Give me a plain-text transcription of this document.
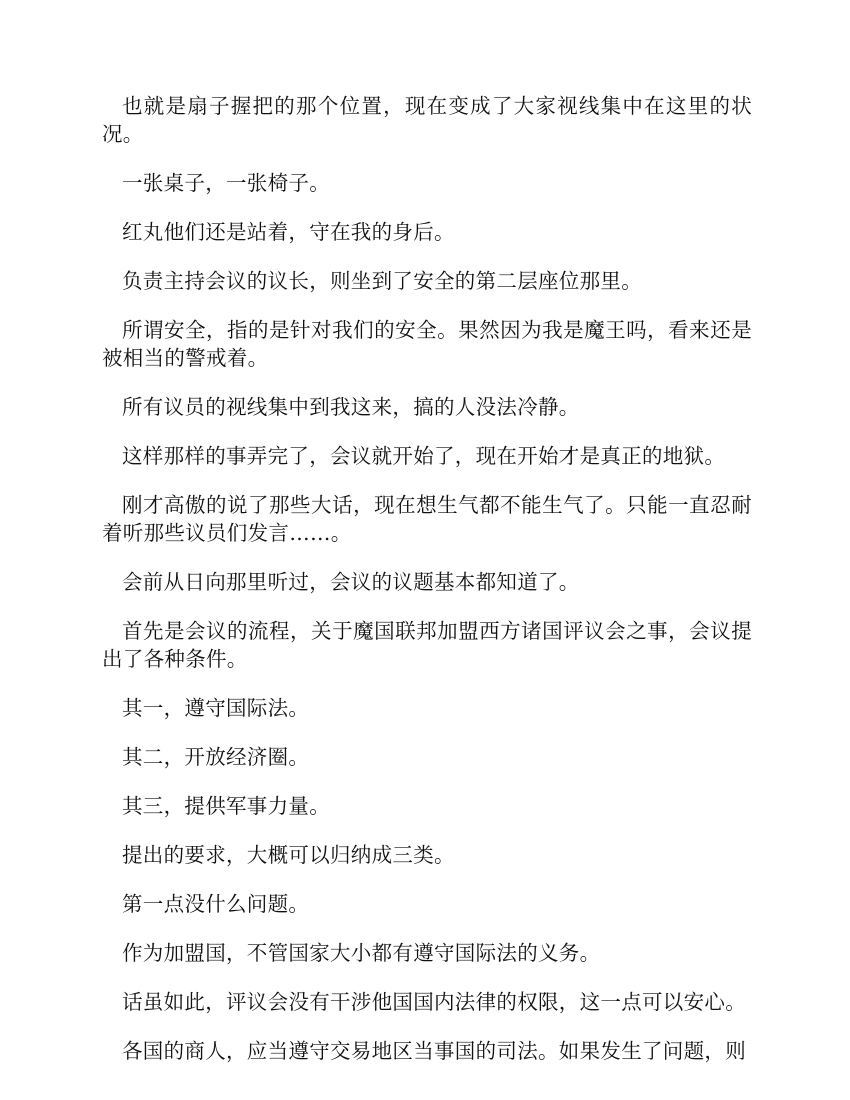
也就是扇子握把的那个位置，现在变成了大家视线集中在这里的状况。

一张桌子，一张椅子。

红丸他们还是站着，守在我的身后。

负责主持会议的议长，则坐到了安全的第二层座位那里。

所谓安全，指的是针对我们的安全。果然因为我是魔王吗，看来还是被相当的警戒着。

所有议员的视线集中到我这来，搞的人没法冷静。

这样那样的事弄完了，会议就开始了，现在开始才是真正的地狱。

刚才高傲的说了那些大话，现在想生气都不能生气了。只能一直忍耐着听那些议员们发言……。

会前从日向那里听过，会议的议题基本都知道了。

首先是会议的流程，关于魔国联邦加盟西方诸国评议会之事，会议提出了各种条件。

其一，遵守国际法。

其二，开放经济圈。

其三，提供军事力量。

提出的要求，大概可以归纳成三类。

第一点没什么问题。

作为加盟国，不管国家大小都有遵守国际法的义务。

话虽如此，评议会没有干涉他国国内法律的权限，这一点可以安心。

各国的商人，应当遵守交易地区当事国的司法。如果发生了问题，则
